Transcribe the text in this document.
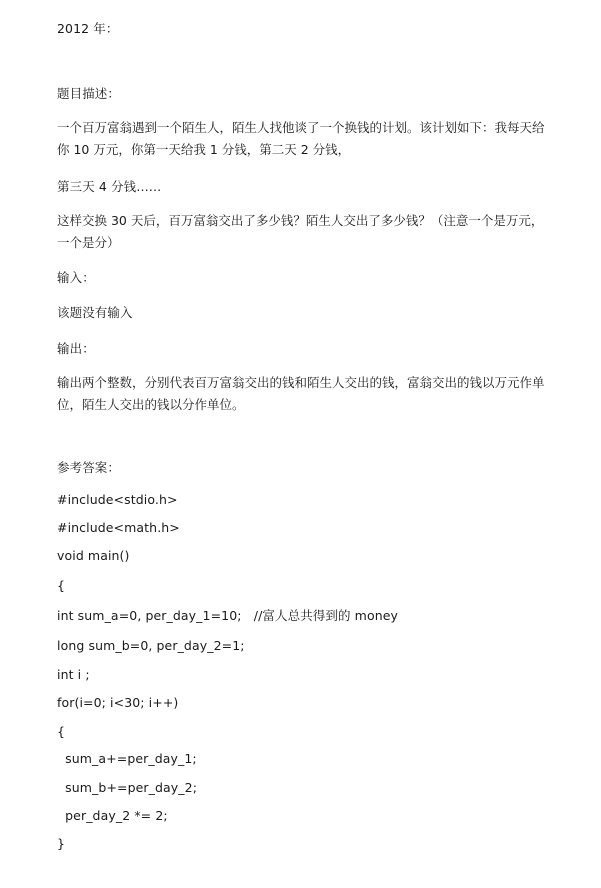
2012 年：
题目描述：
一个百万富翁遇到一个陌生人，陌生人找他谈了一个换钱的计划。该计划如下：我每天给你 10 万元，你第一天给我 1 分钱，第二天 2 分钱，
第三天 4 分钱……
这样交换 30 天后，百万富翁交出了多少钱？陌生人交出了多少钱？（注意一个是万元，一个是分）
输入：
该题没有输入
输出：
输出两个整数，分别代表百万富翁交出的钱和陌生人交出的钱，富翁交出的钱以万元作单位，陌生人交出的钱以分作单位。
参考答案：
#include<stdio.h>
#include<math.h>
void main()
{
int sum_a=0, per_day_1=10;   //富人总共得到的 money
long sum_b=0, per_day_2=1;
int i ;
for(i=0; i<30; i++)
{
sum_a+=per_day_1;
sum_b+=per_day_2;
per_day_2 *= 2;
}
